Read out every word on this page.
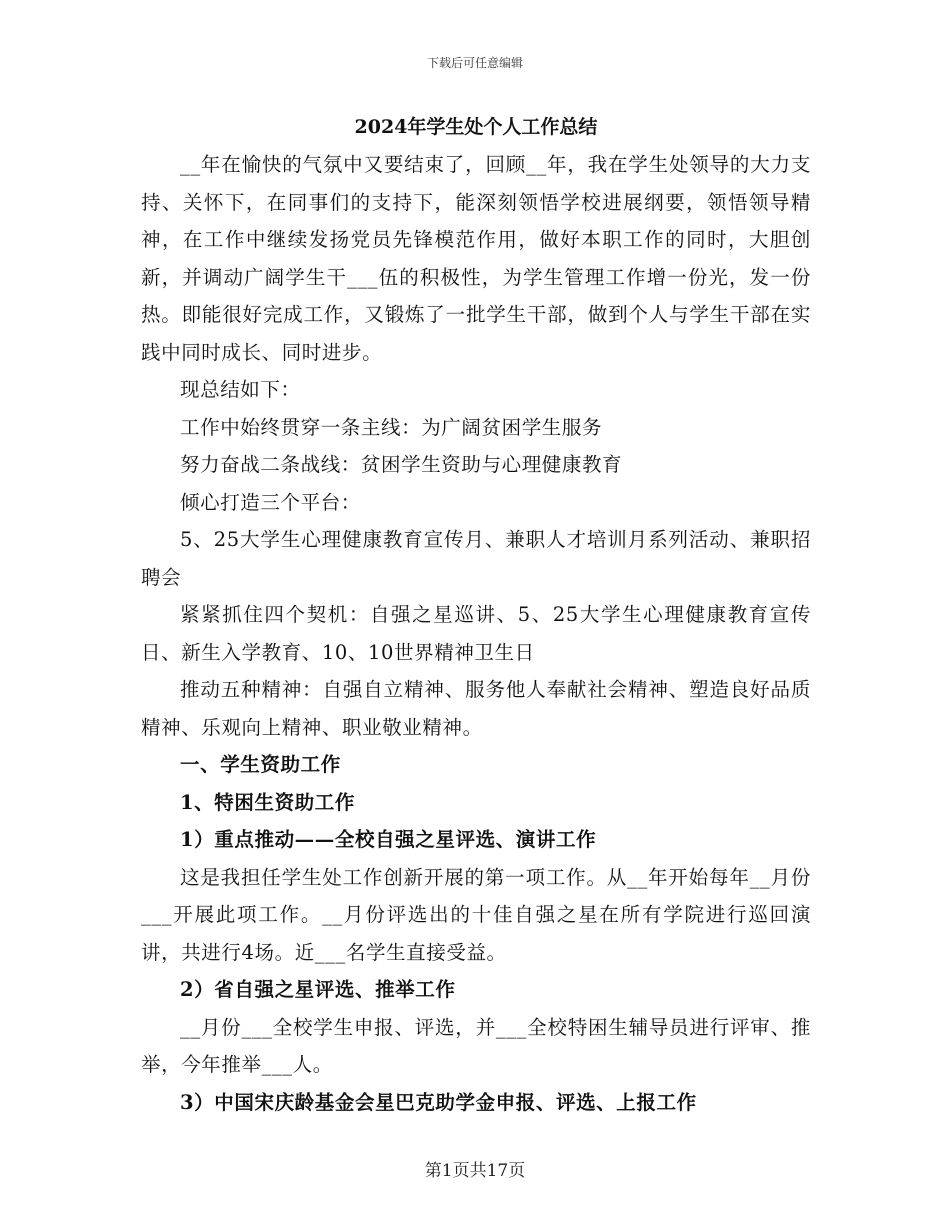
下载后可任意编辑
2024年学生处个人工作总结

__年在愉快的气氛中又要结束了，回顾__年，我在学生处领导的大力支持、关怀下，在同事们的支持下，能深刻领悟学校进展纲要，领悟领导精神，在工作中继续发扬党员先锋模范作用，做好本职工作的同时，大胆创新，并调动广阔学生干___伍的积极性，为学生管理工作增一份光，发一份热。即能很好完成工作，又锻炼了一批学生干部，做到个人与学生干部在实践中同时成长、同时进步。

现总结如下：

工作中始终贯穿一条主线：为广阔贫困学生服务

努力奋战二条战线：贫困学生资助与心理健康教育

倾心打造三个平台：

5、25大学生心理健康教育宣传月、兼职人才培训月系列活动、兼职招聘会

紧紧抓住四个契机：自强之星巡讲、5、25大学生心理健康教育宣传日、新生入学教育、10、10世界精神卫生日

推动五种精神：自强自立精神、服务他人奉献社会精神、塑造良好品质精神、乐观向上精神、职业敬业精神。

一、学生资助工作

1、特困生资助工作

1）重点推动——全校自强之星评选、演讲工作

这是我担任学生处工作创新开展的第一项工作。从__年开始每年__月份___开展此项工作。__月份评选出的十佳自强之星在所有学院进行巡回演讲，共进行4场。近___名学生直接受益。

2）省自强之星评选、推举工作

__月份___全校学生申报、评选，并___全校特困生辅导员进行评审、推举，今年推举___人。

3）中国宋庆龄基金会星巴克助学金申报、评选、上报工作

第1页共17页
